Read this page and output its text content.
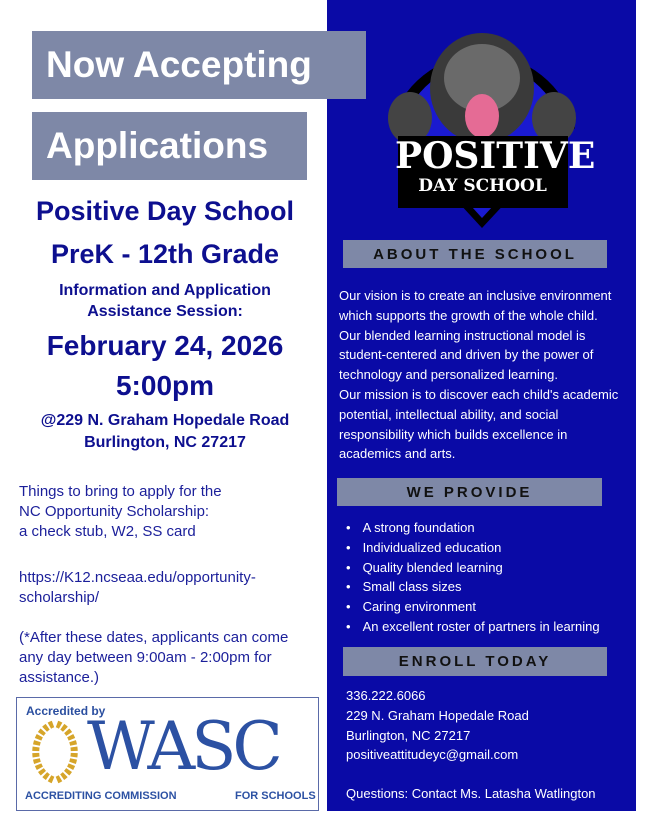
Now Accepting
Applications
Positive Day School
PreK - 12th Grade
Information and Application
Assistance Session:
February 24, 2026
5:00pm
@229 N. Graham Hopedale Road
Burlington, NC 27217
Things to bring to apply for the
NC Opportunity Scholarship:
a check stub, W2, SS card
https://K12.ncseaa.edu/opportunity-
scholarship/
(*After these dates, applicants can come
any day between 9:00am - 2:00pm for
assistance.)
Accredited by
WASC
ACCREDITING COMMISSION	FOR SCHOOLS
POSITIVE
DAY SCHOOL
ABOUT THE SCHOOL
Our vision is to create an inclusive environment
which supports the growth of the whole child.
Our blended learning instructional model is
student-centered and driven by the power of
technology and personalized learning.
Our mission is to discover each child's academic
potential, intellectual ability, and social
responsibility which builds excellence in
academics and arts.
WE PROVIDE
• A strong foundation
• Individualized education
• Quality blended learning
• Small class sizes
• Caring environment
• An excellent roster of partners in learning
ENROLL TODAY
336.222.6066
229 N. Graham Hopedale Road
Burlington, NC 27217
positiveattitudeyc@gmail.com
Questions: Contact Ms. Latasha Watlington
